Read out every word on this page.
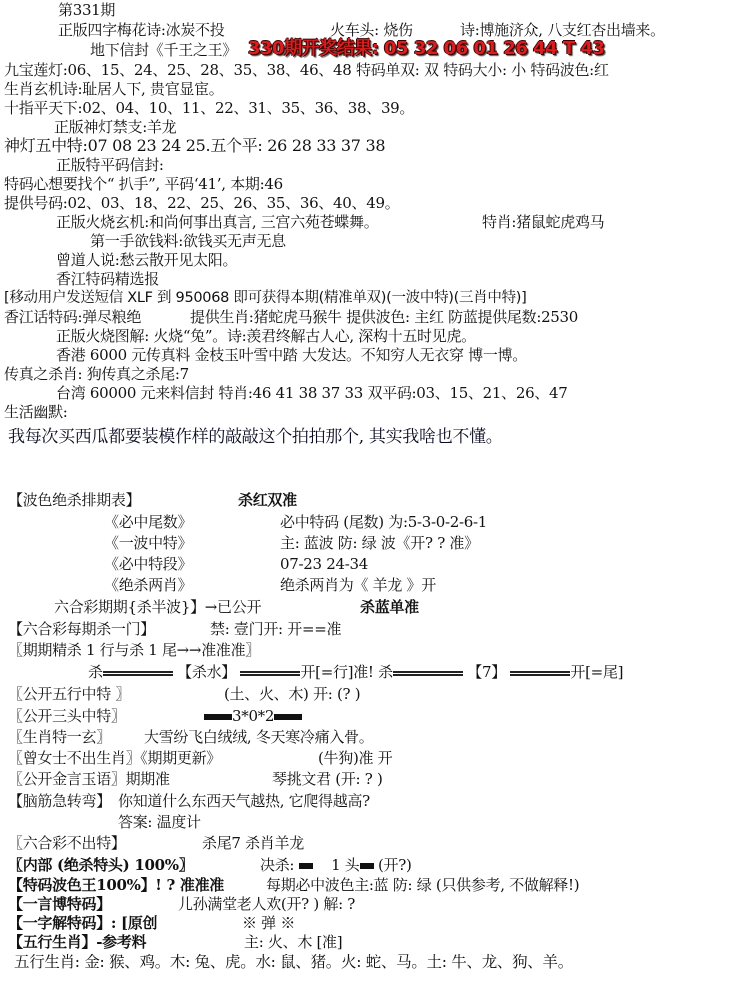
第331期
正版四字梅花诗:冰炭不投	火车头: 烧伤	诗:博施济众, 八支红杏出墙来。
地下信封《千王之王》 330期开奖结果: 05 32 06 01 26 44 T 43
九宝莲灯:06、15、24、25、28、35、38、46、48 特码单双: 双 特码大小: 小 特码波色:红
生肖玄机诗:耻居人下, 贵官显宦。
十指平天下:02、04、10、11、22、31、35、36、38、39。
正版神灯禁支:羊龙
神灯五中特:07 08 23 24 25.五个平: 26 28 33 37 38
正版特平码信封:
特码心想要找个“ 扒手”, 平码‘41’, 本期:46
提供号码:02、03、18、22、25、26、35、36、40、49。
正版火烧玄机:和尚何事出真言, 三宫六苑苍蝶舞。	特肖:猪鼠蛇虎鸡马
第一手欲钱料:欲钱买无声无息
曾道人说:愁云散开见太阳。
香江特码精选报
[移动用户发送短信 XLF 到 950068 即可获得本期(精准单双)(一波中特)(三肖中特)]
香江话特码:弹尽粮绝	提供生肖:猪蛇虎马猴牛 提供波色: 主红 防蓝提供尾数:2530
正版火烧图解: 火烧“兔”。诗:羡君终解古人心, 深构十五时见虎。
香港 6000 元传真料 金枝玉叶雪中踏 大发达。不知穷人无衣穿 博一博。
传真之杀肖: 狗传真之杀尾:7
台湾 60000 元来料信封 特肖:46 41 38 37 33 双平码:03、15、21、26、47
生活幽默:
我每次买西瓜都要装模作样的敲敲这个拍拍那个, 其实我啥也不懂。
【波色绝杀排期表】	杀红双准
《必中尾数》	必中特码 (尾数) 为:5-3-0-2-6-1
《一波中特》	主: 蓝波 防: 绿 波《开? ? 准》
《必中特段》	07-23 24-34
《绝杀两肖》	绝杀两肖为《 羊龙 》开
六合彩期期{杀半波}】→已公开	杀蓝单准
【六合彩每期杀一门】	禁: 壹门开: 开==准
〖期期精杀 1 行与杀 1 尾→→准准准〗
杀	【杀水】	开[=行]准! 杀	【7】	开[=尾]
〖公开五行中特 〗	(土、火、木) 开: (? )
〖公开三头中特〗	3*0*2
〖生肖特一玄〗 大雪纷飞白绒绒, 冬天寒冷痛入骨。
〖曾女士不出生肖〗《期期更新》	(牛狗)准 开
〖公开金言玉语〗期期准	琴挑文君 (开: ? )
【脑筋急转弯】 你知道什么东西天气越热, 它爬得越高?
答案: 温度计
〖六合彩不出特】	杀尾7 杀肖羊龙
〖内部 (绝杀特头) 100%〗	决杀: 1 头 (开?)
【特码波色王100%】! ? 准准准	每期必中波色主:蓝 防: 绿 (只供参考, 不做解释!)
【一言博特码】	儿孙满堂老人欢(开? ) 解: ?
【一字解特码】: [原创	※ 弹 ※
【五行生肖】-参考料	主: 火、木 [准]
五行生肖: 金: 猴、鸡。木: 兔、虎。水: 鼠、猪。火: 蛇、马。土: 牛、龙、狗、羊。
